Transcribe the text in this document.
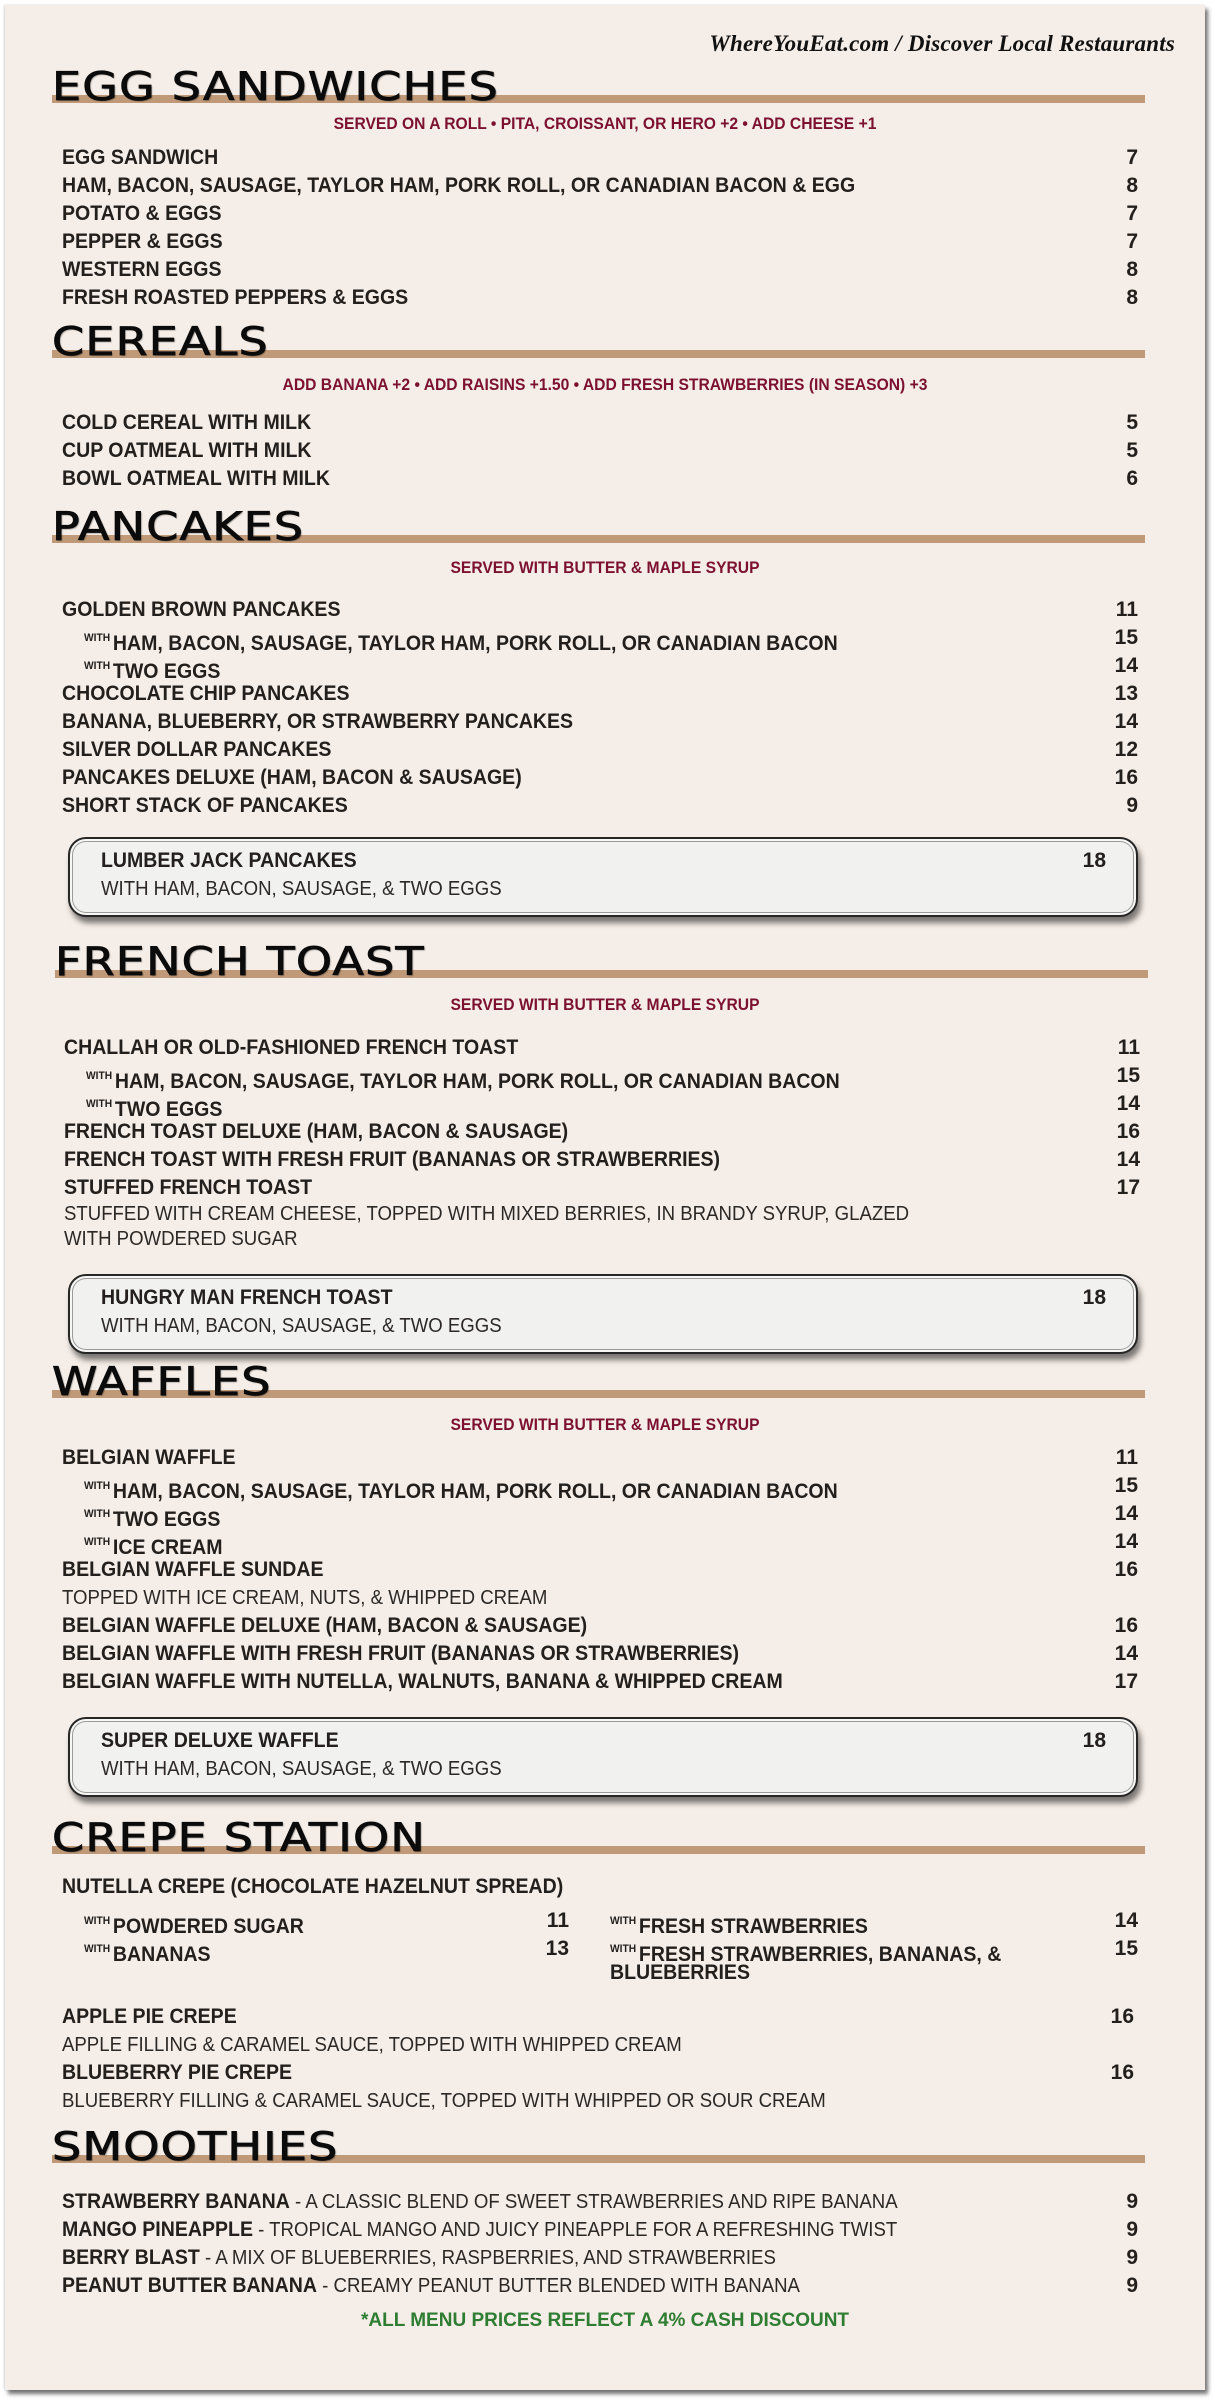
WhereYouEat.com / Discover Local Restaurants
EGG SANDWICHES
SERVED ON A ROLL • PITA, CROISSANT, OR HERO +2 • ADD CHEESE +1
EGG SANDWICH	7
HAM, BACON, SAUSAGE, TAYLOR HAM, PORK ROLL, OR CANADIAN BACON & EGG	8
POTATO & EGGS	7
PEPPER & EGGS	7
WESTERN EGGS	8
FRESH ROASTED PEPPERS & EGGS	8
CEREALS
ADD BANANA +2 • ADD RAISINS +1.50 • ADD FRESH STRAWBERRIES (IN SEASON) +3
COLD CEREAL WITH MILK	5
CUP OATMEAL WITH MILK	5
BOWL OATMEAL WITH MILK	6
PANCAKES
SERVED WITH BUTTER & MAPLE SYRUP
GOLDEN BROWN PANCAKES	11
$^{WITH}$ HAM, BACON, SAUSAGE, TAYLOR HAM, PORK ROLL, OR CANADIAN BACON	15
$^{WITH}$ TWO EGGS	14
CHOCOLATE CHIP PANCAKES	13
BANANA, BLUEBERRY, OR STRAWBERRY PANCAKES	14
SILVER DOLLAR PANCAKES	12
PANCAKES DELUXE (HAM, BACON & SAUSAGE)	16
SHORT STACK OF PANCAKES	9
LUMBER JACK PANCAKES	18
WITH HAM, BACON, SAUSAGE, & TWO EGGS
FRENCH TOAST
SERVED WITH BUTTER & MAPLE SYRUP
CHALLAH OR OLD-FASHIONED FRENCH TOAST	11
$^{WITH}$ HAM, BACON, SAUSAGE, TAYLOR HAM, PORK ROLL, OR CANADIAN BACON	15
$^{WITH}$ TWO EGGS	14
FRENCH TOAST DELUXE (HAM, BACON & SAUSAGE)	16
FRENCH TOAST WITH FRESH FRUIT (BANANAS OR STRAWBERRIES)	14
STUFFED FRENCH TOAST	17
STUFFED WITH CREAM CHEESE, TOPPED WITH MIXED BERRIES, IN BRANDY SYRUP, GLAZED
WITH POWDERED SUGAR
HUNGRY MAN FRENCH TOAST	18
WITH HAM, BACON, SAUSAGE, & TWO EGGS
WAFFLES
SERVED WITH BUTTER & MAPLE SYRUP
BELGIAN WAFFLE	11
$^{WITH}$ HAM, BACON, SAUSAGE, TAYLOR HAM, PORK ROLL, OR CANADIAN BACON	15
$^{WITH}$ TWO EGGS	14
$^{WITH}$ ICE CREAM	14
BELGIAN WAFFLE SUNDAE	16
TOPPED WITH ICE CREAM, NUTS, & WHIPPED CREAM
BELGIAN WAFFLE DELUXE (HAM, BACON & SAUSAGE)	16
BELGIAN WAFFLE WITH FRESH FRUIT (BANANAS OR STRAWBERRIES)	14
BELGIAN WAFFLE WITH NUTELLA, WALNUTS, BANANA & WHIPPED CREAM	17
SUPER DELUXE WAFFLE	18
WITH HAM, BACON, SAUSAGE, & TWO EGGS
CREPE STATION
NUTELLA CREPE (CHOCOLATE HAZELNUT SPREAD)
$^{WITH}$ POWDERED SUGAR	11
$^{WITH}$ BANANAS	13
$^{WITH}$ FRESH STRAWBERRIES	14
$^{WITH}$ FRESH STRAWBERRIES, BANANAS, &	15
BLUEBERRIES
APPLE PIE CREPE	16
APPLE FILLING & CARAMEL SAUCE, TOPPED WITH WHIPPED CREAM
BLUEBERRY PIE CREPE	16
BLUEBERRY FILLING & CARAMEL SAUCE, TOPPED WITH WHIPPED OR SOUR CREAM
SMOOTHIES
STRAWBERRY BANANA - A CLASSIC BLEND OF SWEET STRAWBERRIES AND RIPE BANANA	9
MANGO PINEAPPLE - TROPICAL MANGO AND JUICY PINEAPPLE FOR A REFRESHING TWIST	9
BERRY BLAST - A MIX OF BLUEBERRIES, RASPBERRIES, AND STRAWBERRIES	9
PEANUT BUTTER BANANA - CREAMY PEANUT BUTTER BLENDED WITH BANANA	9
*ALL MENU PRICES REFLECT A 4% CASH DISCOUNT
